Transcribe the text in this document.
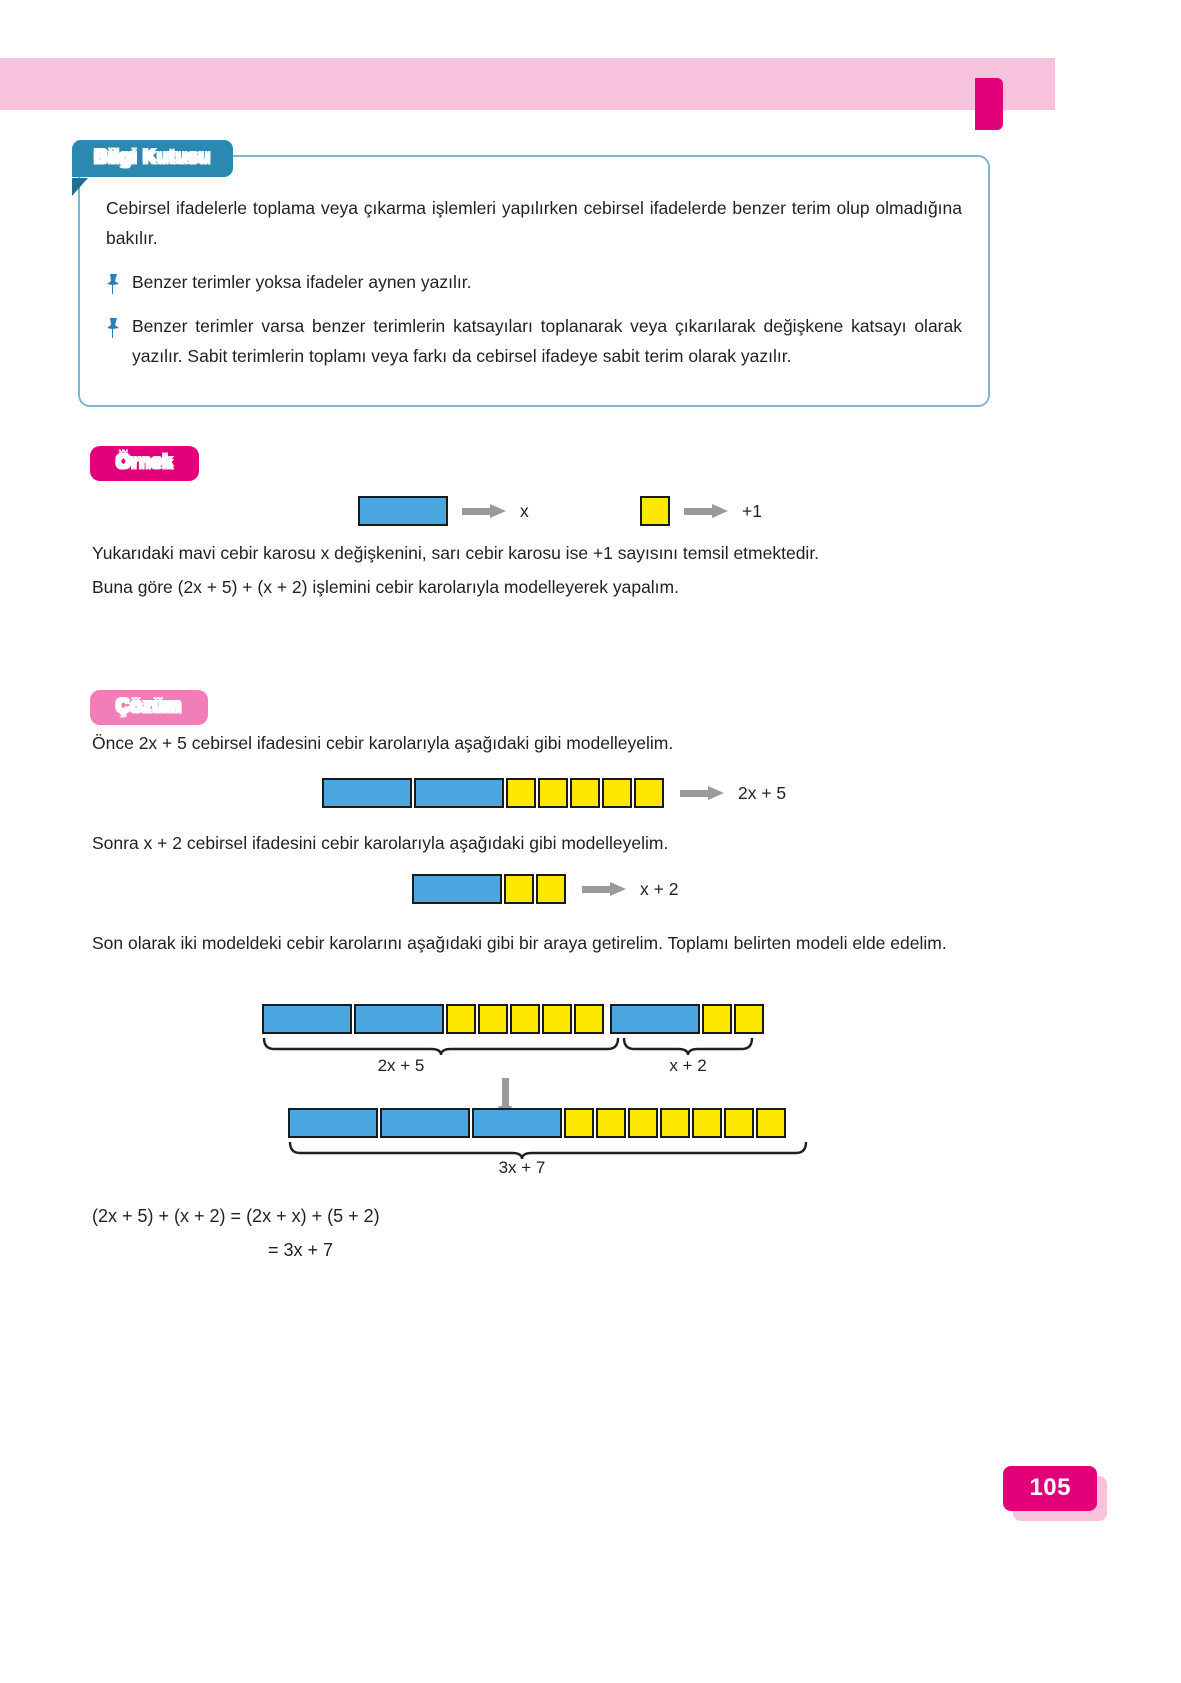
Bilgi Kutusu

Cebirsel ifadelerle toplama veya çıkarma işlemleri yapılırken cebirsel ifadelerde benzer terim olup olmadığına bakılır.

Benzer terimler yoksa ifadeler aynen yazılır.
Benzer terimler varsa benzer terimlerin katsayıları toplanarak veya çıkarılarak değişkene katsayı olarak yazılır. Sabit terimlerin toplamı veya farkı da cebirsel ifadeye sabit terim olarak yazılır.
Örnek
x	+1
Yukarıdaki mavi cebir karosu x değişkenini, sarı cebir karosu ise +1 sayısını temsil etmektedir.
Buna göre (2x + 5) + (x + 2) işlemini cebir karolarıyla modelleyerek yapalım.
Çözüm
Önce 2x + 5 cebirsel ifadesini cebir karolarıyla aşağıdaki gibi modelleyelim.
2x + 5
Sonra x + 2 cebirsel ifadesini cebir karolarıyla aşağıdaki gibi modelleyelim.
x + 2
Son olarak iki modeldeki cebir karolarını aşağıdaki gibi bir araya getirelim. Toplamı belirten modeli elde edelim.
2x + 5	x + 2
3x + 7
(2x + 5) + (x + 2) = (2x + x) + (5 + 2)
= 3x + 7
105
